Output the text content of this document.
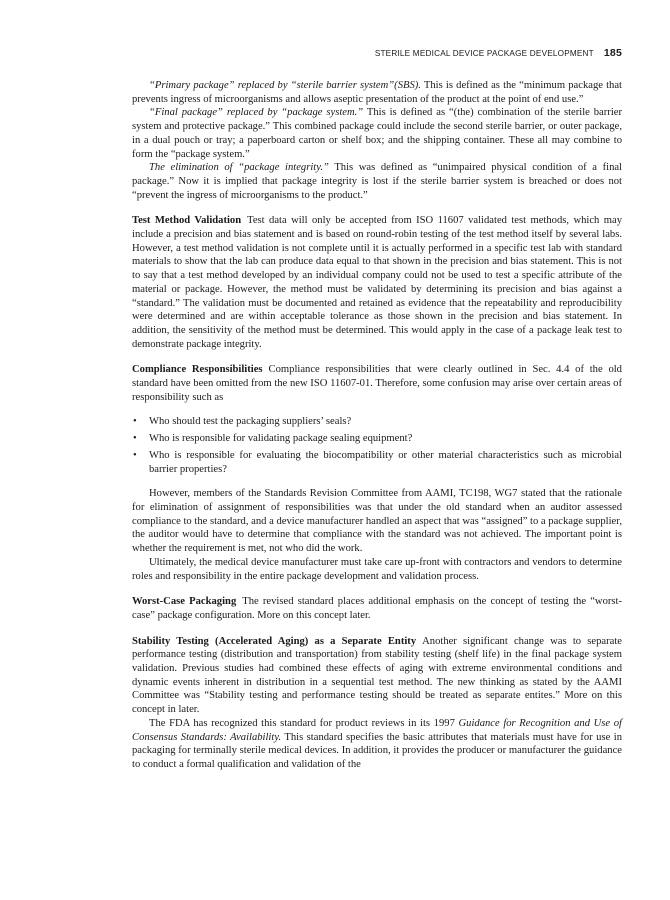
STERILE MEDICAL DEVICE PACKAGE DEVELOPMENT 185

“Primary package” replaced by “sterile barrier system”(SBS). This is defined as the “minimum package that prevents ingress of microorganisms and allows aseptic presentation of the product at the point of end use.”

“Final package” replaced by “package system.” This is defined as “(the) combination of the sterile barrier system and protective package.” This combined package could include the second sterile barrier, or outer package, in a dual pouch or tray; a paperboard carton or shelf box; and the shipping container. These all may combine to form the “package system.”

The elimination of “package integrity.” This was defined as “unimpaired physical condition of a final package.” Now it is implied that package integrity is lost if the sterile barrier system is breached or does not “prevent the ingress of microorganisms to the product.”

Test Method Validation Test data will only be accepted from ISO 11607 validated test methods, which may include a precision and bias statement and is based on round-robin testing of the test method itself by several labs. However, a test method validation is not complete until it is actually performed in a specific test lab with standard materials to show that the lab can produce data equal to that shown in the precision and bias statement. This is not to say that a test method developed by an individual company could not be used to test a specific attribute of the material or package. However, the method must be validated by determining its precision and bias against a “standard.” The validation must be documented and retained as evidence that the repeatability and reproducibility were determined and are within acceptable tolerance as those shown in the precision and bias statement. In addition, the sensitivity of the method must be determined. This would apply in the case of a package leak test to demonstrate package integrity.

Compliance Responsibilities Compliance responsibilities that were clearly outlined in Sec. 4.4 of the old standard have been omitted from the new ISO 11607-01. Therefore, some confusion may arise over certain areas of responsibility such as

• Who should test the packaging suppliers’ seals?
• Who is responsible for validating package sealing equipment?
• Who is responsible for evaluating the biocompatibility or other material characteristics such as microbial barrier properties?

However, members of the Standards Revision Committee from AAMI, TC198, WG7 stated that the rationale for elimination of assignment of responsibilities was that under the old standard when an auditor assessed compliance to the standard, and a device manufacturer handled an aspect that was “assigned” to a package supplier, the auditor would have to determine that compliance with the standard was not achieved. The important point is whether the requirement is met, not who did the work.

Ultimately, the medical device manufacturer must take care up-front with contractors and vendors to determine roles and responsibility in the entire package development and validation process.

Worst-Case Packaging The revised standard places additional emphasis on the concept of testing the “worst-case” package configuration. More on this concept later.

Stability Testing (Accelerated Aging) as a Separate Entity Another significant change was to separate performance testing (distribution and transportation) from stability testing (shelf life) in the final package system validation. Previous studies had combined these effects of aging with extreme environmental conditions and dynamic events inherent in distribution in a sequential test method. The new thinking as stated by the AAMI Committee was “Stability testing and performance testing should be treated as separate entites.” More on this concept in later.

The FDA has recognized this standard for product reviews in its 1997 Guidance for Recognition and Use of Consensus Standards: Availability. This standard specifies the basic attributes that materials must have for use in packaging for terminally sterile medical devices. In addition, it provides the producer or manufacturer the guidance to conduct a formal qualification and validation of the
